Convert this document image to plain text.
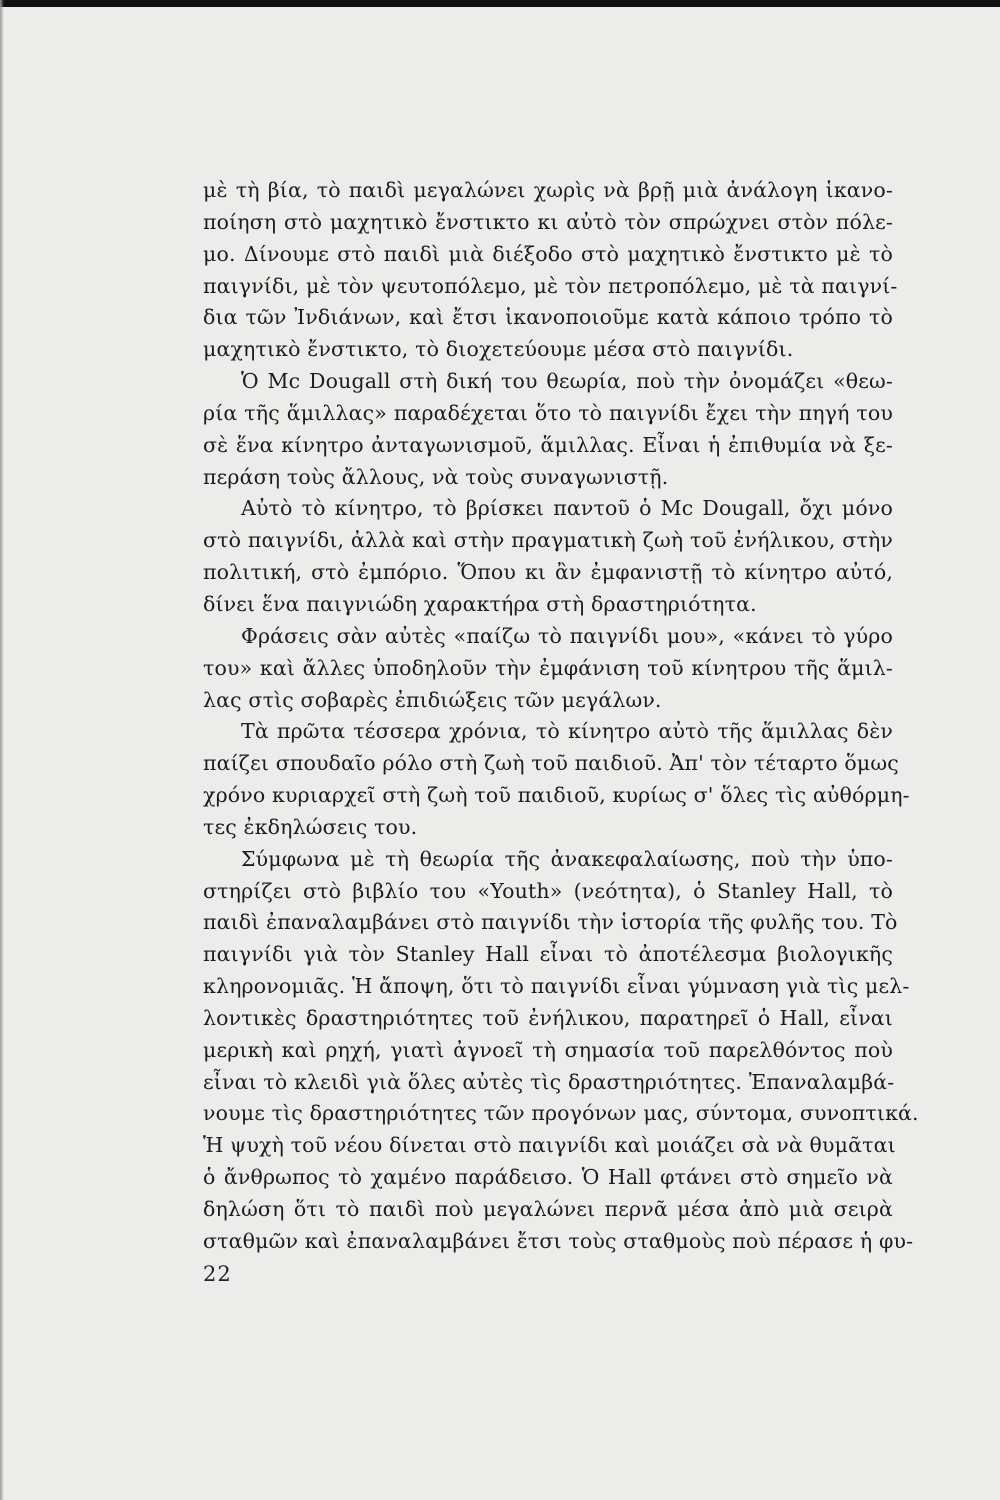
μὲ τὴ βία, τὸ παιδὶ μεγαλώνει χωρὶς νὰ βρῇ μιὰ ἀνάλογη ἱκανο-
ποίηση στὸ μαχητικὸ ἔνστικτο κι αὐτὸ τὸν σπρώχνει στὸν πόλε-
μο. Δίνουμε στὸ παιδὶ μιὰ διέξοδο στὸ μαχητικὸ ἔνστικτο μὲ τὸ
παιγνίδι, μὲ τὸν ψευτοπόλεμο, μὲ τὸν πετροπόλεμο, μὲ τὰ παιγνί-
δια τῶν Ἰνδιάνων, καὶ ἔτσι ἱκανοποιοῦμε κατὰ κάποιο τρόπο τὸ
μαχητικὸ ἔνστικτο, τὸ διοχετεύουμε μέσα στὸ παιγνίδι.
Ὁ Mc Dougall στὴ δική του θεωρία, ποὺ τὴν ὀνομάζει «θεω-
ρία τῆς ἅμιλλας» παραδέχεται ὅτο τὸ παιγνίδι ἔχει τὴν πηγή του
σὲ ἕνα κίνητρο ἀνταγωνισμοῦ, ἅμιλλας. Εἶναι ἡ ἐπιθυμία νὰ ξε-
περάση τοὺς ἄλλους, νὰ τοὺς συναγωνιστῇ.
Αὐτὸ τὸ κίνητρο, τὸ βρίσκει παντοῦ ὁ Mc Dougall, ὄχι μόνο
στὸ παιγνίδι, ἀλλὰ καὶ στὴν πραγματικὴ ζωὴ τοῦ ἐνήλικου, στὴν
πολιτική, στὸ ἐμπόριο. Ὅπου κι ἂν ἐμφανιστῇ τὸ κίνητρο αὐτό,
δίνει ἕνα παιγνιώδη χαρακτήρα στὴ δραστηριότητα.
Φράσεις σὰν αὐτὲς «παίζω τὸ παιγνίδι μου», «κάνει τὸ γύρο
του» καὶ ἄλλες ὑποδηλοῦν τὴν ἐμφάνιση τοῦ κίνητρου τῆς ἅμιλ-
λας στὶς σοβαρὲς ἐπιδιώξεις τῶν μεγάλων.
Τὰ πρῶτα τέσσερα χρόνια, τὸ κίνητρο αὐτὸ τῆς ἅμιλλας δὲν
παίζει σπουδαῖο ρόλο στὴ ζωὴ τοῦ παιδιοῦ. Ἀπ' τὸν τέταρτο ὅμως
χρόνο κυριαρχεῖ στὴ ζωὴ τοῦ παιδιοῦ, κυρίως σ' ὅλες τὶς αὐθόρμη-
τες ἐκδηλώσεις του.
Σύμφωνα μὲ τὴ θεωρία τῆς ἀνακεφαλαίωσης, ποὺ τὴν ὑπο-
στηρίζει στὸ βιβλίο του «Youth» (νεότητα), ὁ Stanley Hall, τὸ
παιδὶ ἐπαναλαμβάνει στὸ παιγνίδι τὴν ἱστορία τῆς φυλῆς του. Τὸ
παιγνίδι γιὰ τὸν Stanley Hall εἶναι τὸ ἀποτέλεσμα βιολογικῆς
κληρονομιᾶς. Ἡ ἄποψη, ὅτι τὸ παιγνίδι εἶναι γύμναση γιὰ τὶς μελ-
λοντικὲς δραστηριότητες τοῦ ἐνήλικου, παρατηρεῖ ὁ Hall, εἶναι
μερικὴ καὶ ρηχή, γιατὶ ἀγνοεῖ τὴ σημασία τοῦ παρελθόντος ποὺ
εἶναι τὸ κλειδὶ γιὰ ὅλες αὐτὲς τὶς δραστηριότητες. Ἐπαναλαμβά-
νουμε τὶς δραστηριότητες τῶν προγόνων μας, σύντομα, συνοπτικά.
Ἡ ψυχὴ τοῦ νέου δίνεται στὸ παιγνίδι καὶ μοιάζει σὰ νὰ θυμᾶται
ὁ ἄνθρωπος τὸ χαμένο παράδεισο. Ὁ Hall φτάνει στὸ σημεῖο νὰ
δηλώση ὅτι τὸ παιδὶ ποὺ μεγαλώνει περνᾶ μέσα ἀπὸ μιὰ σειρὰ
σταθμῶν καὶ ἐπαναλαμβάνει ἔτσι τοὺς σταθμοὺς ποὺ πέρασε ἡ φυ-
22
